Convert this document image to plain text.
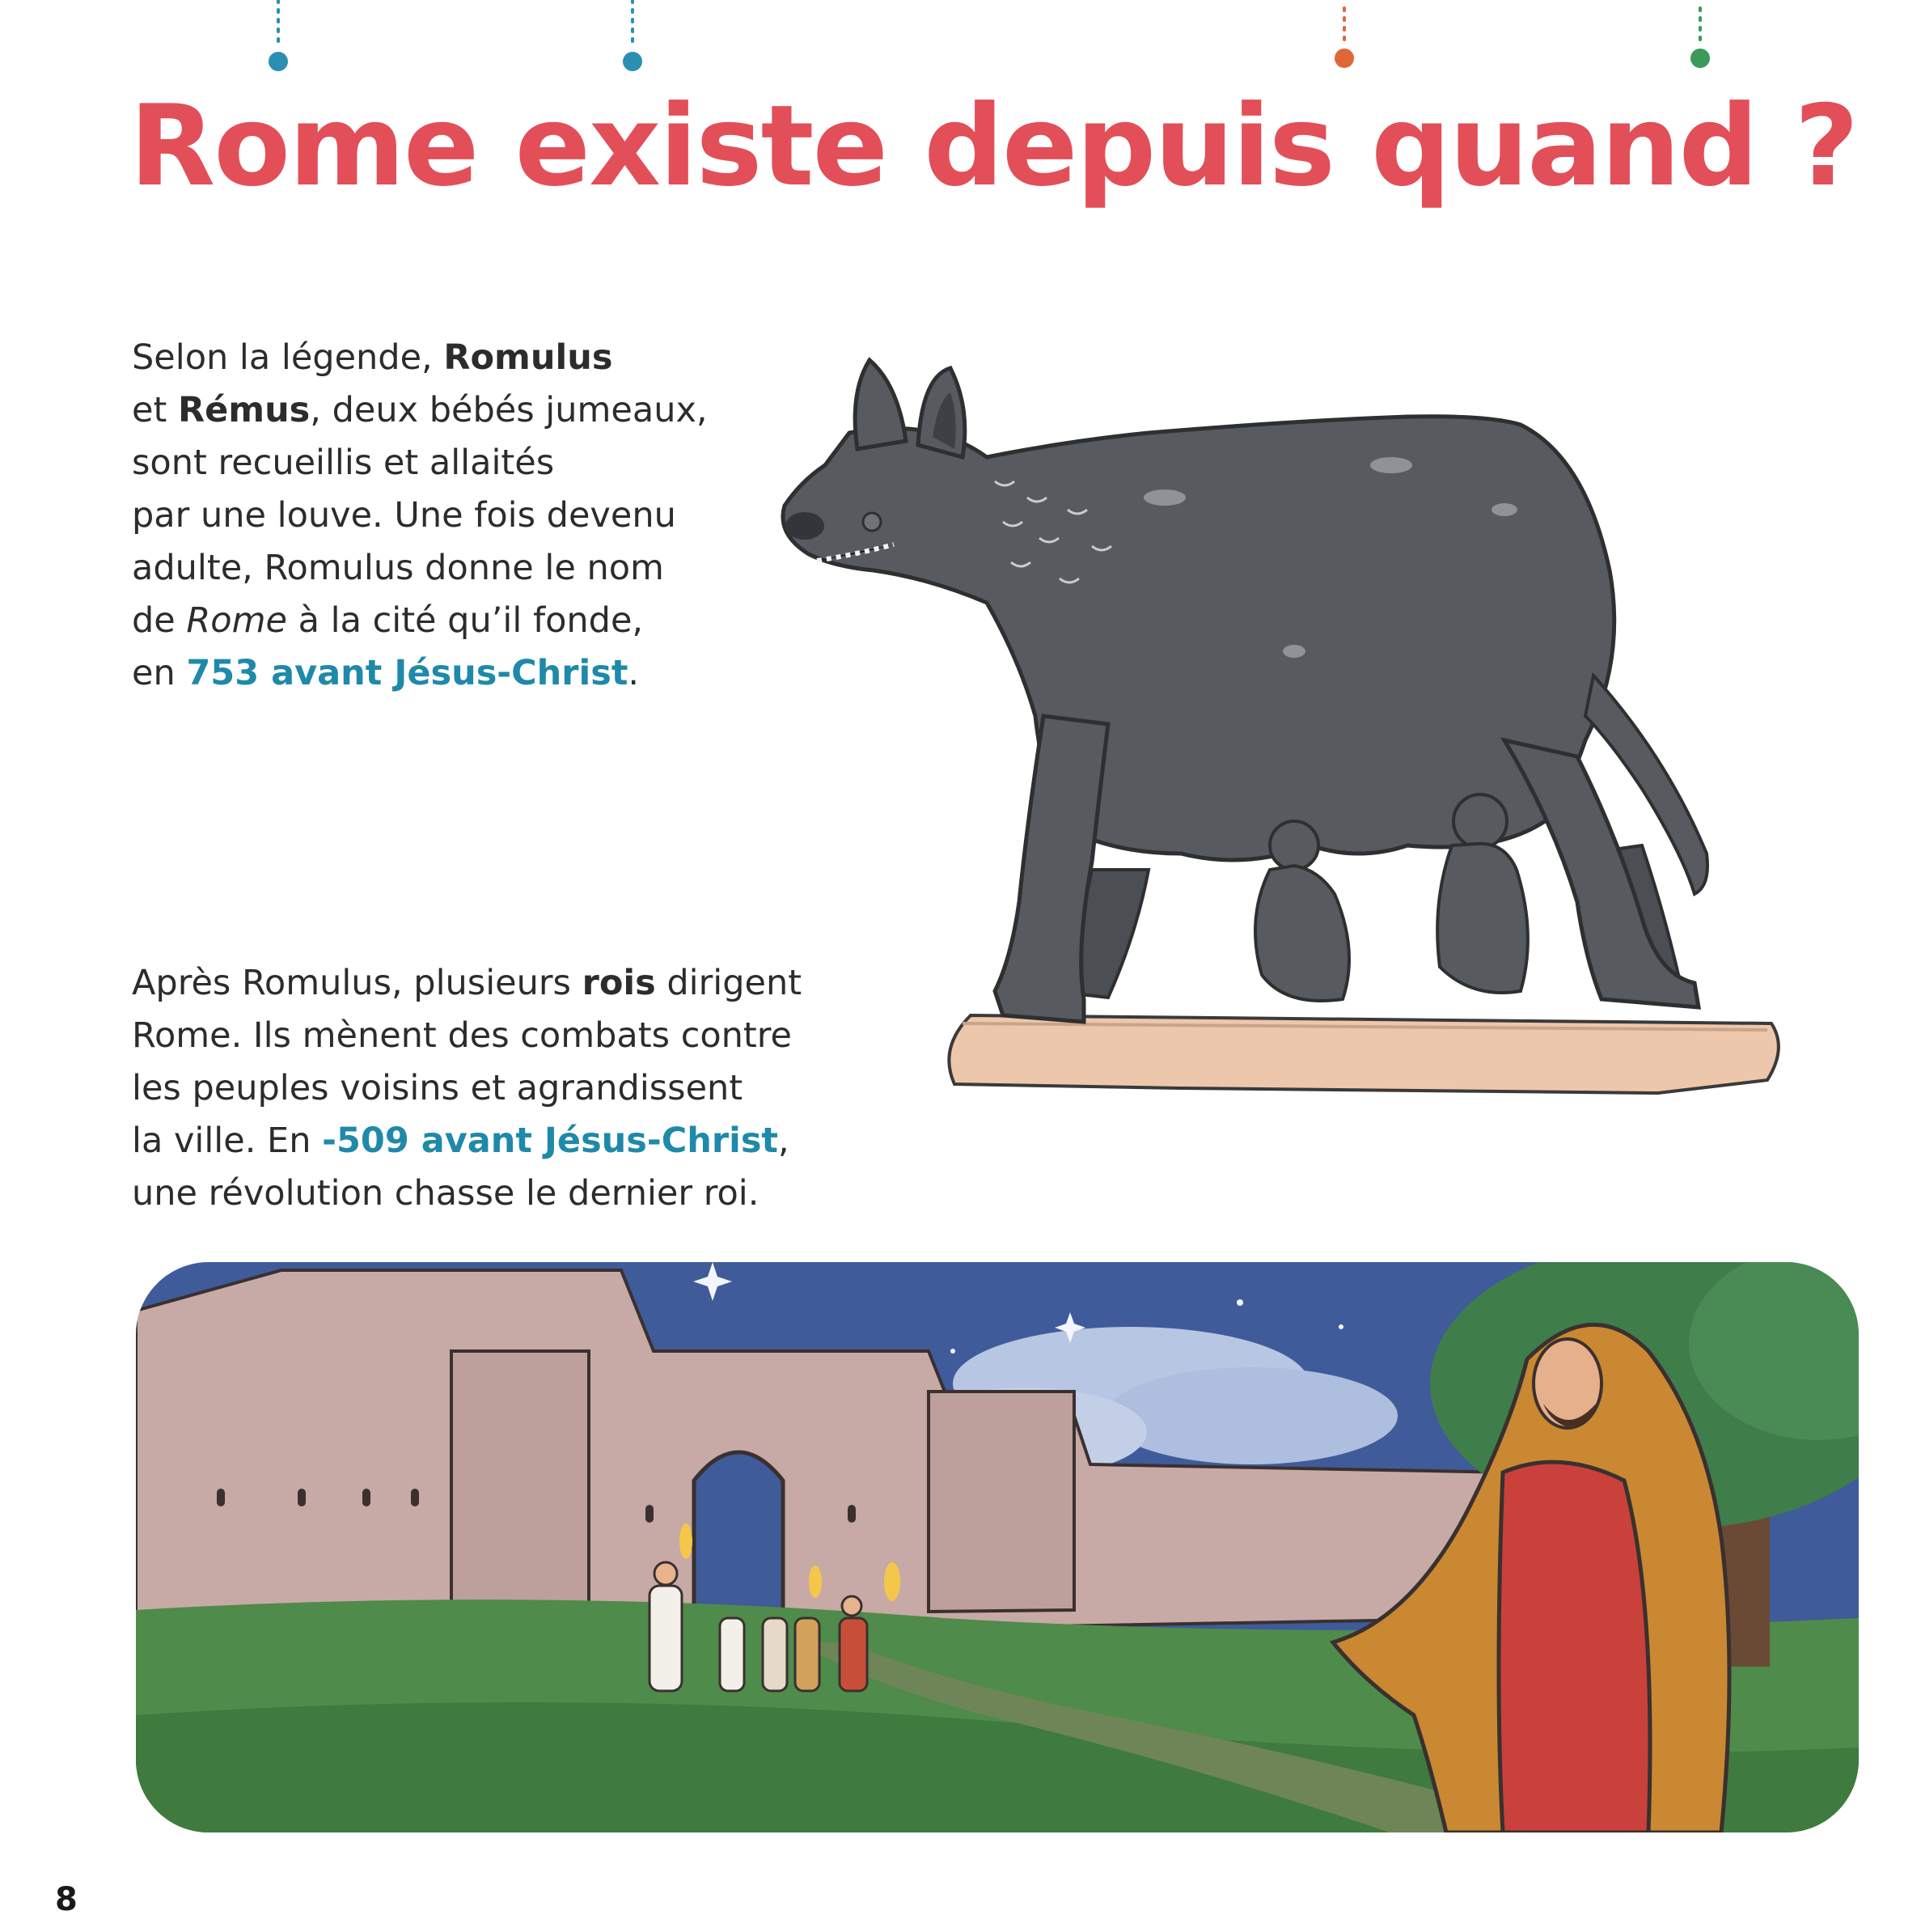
Rome existe depuis quand ?

Selon la légende, Romulus
et Rémus, deux bébés jumeaux,
sont recueillis et allaités
par une louve. Une fois devenu
adulte, Romulus donne le nom
de Rome à la cité qu’il fonde,
en 753 avant Jésus-Christ.

Après Romulus, plusieurs rois dirigent
Rome. Ils mènent des combats contre
les peuples voisins et agrandissent
la ville. En -509 avant Jésus-Christ,
une révolution chasse le dernier roi.

8
